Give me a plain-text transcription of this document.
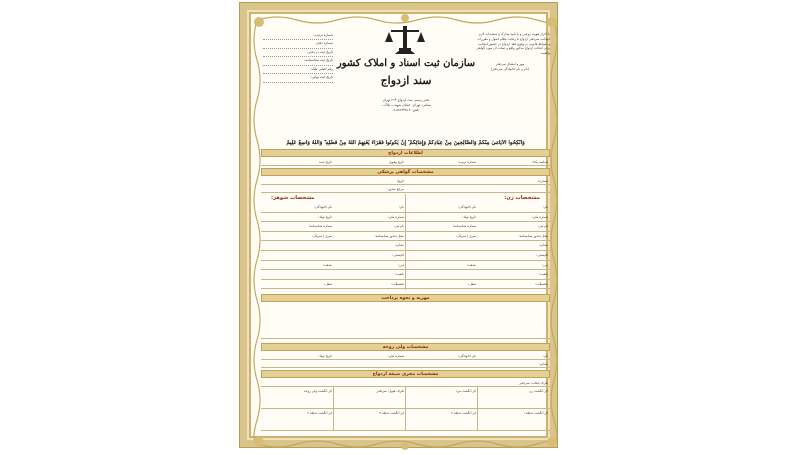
سازمان ثبت اسناد و املاک کشور
سند ازدواج
با احراز هویت زوجین و با تأیید مدارک و مستندات لازم
اینجانب سردفتر ازدواج با رعایت نظام اصول و مقررات
و ضوابط قانونی بر وقوع عقد ازدواج در حضور اینجانب
برابر انتخاب ازدواج مذکور واقع و صحت آن مورد گواهی
واقعیت
مهر و امضای سردفتر
(نام و نام خانوادگی سردفتر)
شماره ترتیب:
شماره دفتر:
تاریخ ثبت در دفتر:
تاریخ ثبت شناسنامه:
رقم اصلی ملک:
تاریخ ثبت نهایی:
دفتر رسمی ثبت ازدواج ۲۱۴ تهران
نشانی: تهران، خیابان شهید... پلاک...
تلفن: ۸۸۲۹۴۵۱۷-۸
وَأَنْكِحُوا الْأَيَامَىٰ مِنْكُمْ وَالصَّالِحِينَ مِنْ عِبَادِكُمْ وَإِمَائِكُمْ ۚ إِنْ يَكُونُوا فُقَرَاءَ يُغْنِهِمُ اللَّهُ مِنْ فَضْلِهِ ۗ وَاللَّهُ وَاسِعٌ عَلِيمٌ
اطلاعات ازدواج
شناسه یکتا:
شماره ترتیب:
تاریخ وقوع:
تاریخ ثبت:
مشخصات گواهی پزشکی
شماره:
تاریخ:
مرجع صدور:
مشخصات زن:
مشخصات شوهر:
نام:
نام خانوادگی:
نام:
نام خانوادگی:
شماره ملی:
تاریخ تولد:
شماره ملی:
تاریخ تولد:
نام پدر:
شماره شناسنامه:
نام پدر:
شماره شناسنامه:
محل صدور شناسنامه:
سری / سریال:
محل صدور شناسنامه:
سری / سریال:
نشانی:
نشانی:
کدپستی:
کدپستی:
دین:
مذهب:
دین:
مذهب:
تابعیت:
تابعیت:
تحصیلات:
شغل:
تحصیلات:
شغل:
مهریه و نحوه پرداخت
مشخصات ولی زوجه
نام:
نام خانوادگی:
شماره ملی:
تاریخ تولد:
نشانی:
مشخصات مجری صیغه ازدواج
طرف ایجاب: سردفتر
اثر انگشت زن
اثر انگشت مرد
طرف قبول: سردفتر
اثر انگشت ولی زوجه
اثر انگشت شاهد ۱
اثر انگشت شاهد ۲
اثر انگشت شاهد ۳
اثر انگشت شاهد ۴
